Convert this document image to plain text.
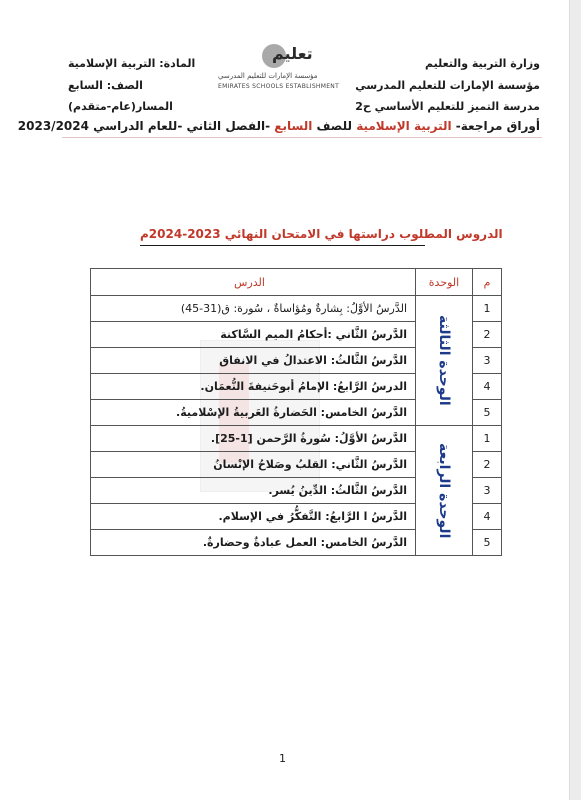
وزارة التربية والتعليم
مؤسسة الإمارات للتعليم المدرسي
مدرسة التميز للتعليم الأساسي ح2
المادة: التربية الإسلامية
الصف: السابع
المسار(عام-متقدم)
تعليم
مؤسسة الإمارات للتعليم المدرسي
EMIRATES SCHOOLS ESTABLISHMENT
أوراق مراجعة- التربية الإسلامية للصف السابع -الفصل الثاني -للعام الدراسي 2023/2024
الدروس المطلوب دراستها في الامتحان النهائي 2023-2024م
م	الوحدة	الدرس
1	الوحدة الثالثة	الدَّرسُ الأوَّلُ: بِشارةٌ ومُؤاساةٌ ، سُورة: ق(31-45)
2		الدَّرسُ الثَّاني :أحكامُ الميم السَّاكنة
3		الدَّرسُ الثَّالثُ: الاعتدالُ في الانفاق
4		الدرسُ الرَّابعُ: الإمامُ أبوحَنيفةَ النُّعمَان.
5		الدَّرسُ الخامس: الحَضارةُ العَربيةُ الإسْلاميةُ.
1	الوحدة الرابعة	الدَّرسُ الأوَّلُ: سُورةُ الرَّحمن [1-25].
2		الدَّرسُ الثَّاني: القلبُ وصَلاحُ الإنْسانُ
3		الدَّرسُ الثَّالثُ: الدِّينُ يُسر.
4		الدَّرسُ ا الرَّابعُ: التَّفكُّرُ في الإسلام.
5		الدَّرسُ الخامس: العمل عبادةٌ وحضارةٌ.
1
